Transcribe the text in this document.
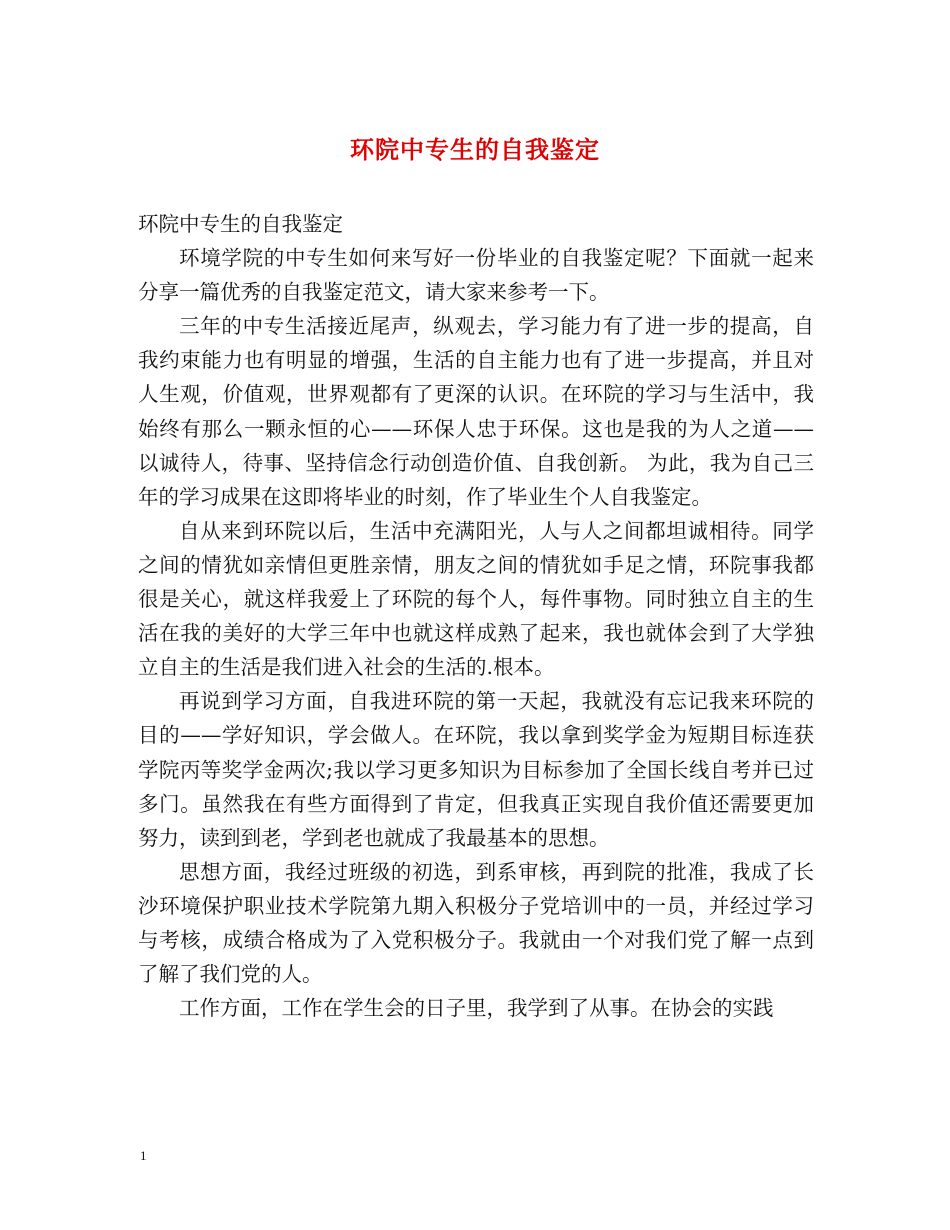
环院中专生的自我鉴定

环院中专生的自我鉴定

环境学院的中专生如何来写好一份毕业的自我鉴定呢？下面就一起来分享一篇优秀的自我鉴定范文，请大家来参考一下。

三年的中专生活接近尾声，纵观去，学习能力有了进一步的提高，自我约束能力也有明显的增强，生活的自主能力也有了进一步提高，并且对人生观，价值观，世界观都有了更深的认识。在环院的学习与生活中，我始终有那么一颗永恒的心——环保人忠于环保。这也是我的为人之道——以诚待人，待事、坚持信念行动创造价值、自我创新。 为此，我为自己三年的学习成果在这即将毕业的时刻，作了毕业生个人自我鉴定。

自从来到环院以后，生活中充满阳光，人与人之间都坦诚相待。同学之间的情犹如亲情但更胜亲情，朋友之间的情犹如手足之情，环院事我都很是关心，就这样我爱上了环院的每个人，每件事物。同时独立自主的生活在我的美好的大学三年中也就这样成熟了起来，我也就体会到了大学独立自主的生活是我们进入社会的生活的.根本。

再说到学习方面，自我进环院的第一天起，我就没有忘记我来环院的目的——学好知识，学会做人。在环院，我以拿到奖学金为短期目标连获学院丙等奖学金两次;我以学习更多知识为目标参加了全国长线自考并已过多门。虽然我在有些方面得到了肯定，但我真正实现自我价值还需要更加努力，读到到老，学到老也就成了我最基本的思想。

思想方面，我经过班级的初选，到系审核，再到院的批准，我成了长沙环境保护职业技术学院第九期入积极分子党培训中的一员，并经过学习与考核，成绩合格成为了入党积极分子。我就由一个对我们党了解一点到了解了我们党的人。

工作方面，工作在学生会的日子里，我学到了从事。在协会的实践

1
